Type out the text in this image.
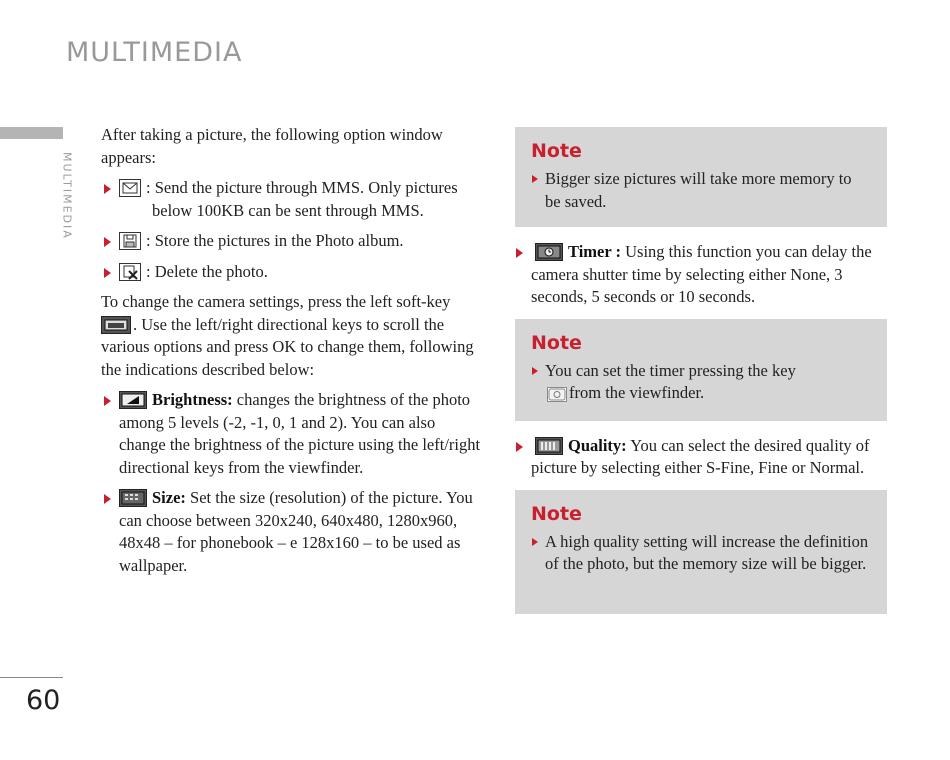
MULTIMEDIA
MULTIMEDIA
60

After taking a picture, the following option window appears:

: Send the picture through MMS. Only pictures
below 100KB can be sent through MMS.
: Store the pictures in the Photo album.
: Delete the photo.

To change the camera settings, press the left soft-key
. Use the left/right directional keys to scroll the various options and press OK to change them, following the indications described below:

Brightness: changes the brightness of the photo among 5 levels (-2, -1, 0, 1 and 2). You can also change the brightness of the picture using the left/right directional keys from the viewfinder.
Size: Set the size (resolution) of the picture. You can choose between 320x240, 640x480, 1280x960, 48x48 – for phonebook – e 128x160 – to be used as wallpaper.
Note
Bigger size pictures will take more memory to be saved.
Timer : Using this function you can delay the camera shutter time by selecting either None, 3 seconds, 5 seconds or 10 seconds.
Note
You can set the timer pressing the key

from the viewfinder.
Quality: You can select the desired quality of picture by selecting either S-Fine, Fine or Normal.
Note
A high quality setting will increase the definition of the photo, but the memory size will be bigger.
